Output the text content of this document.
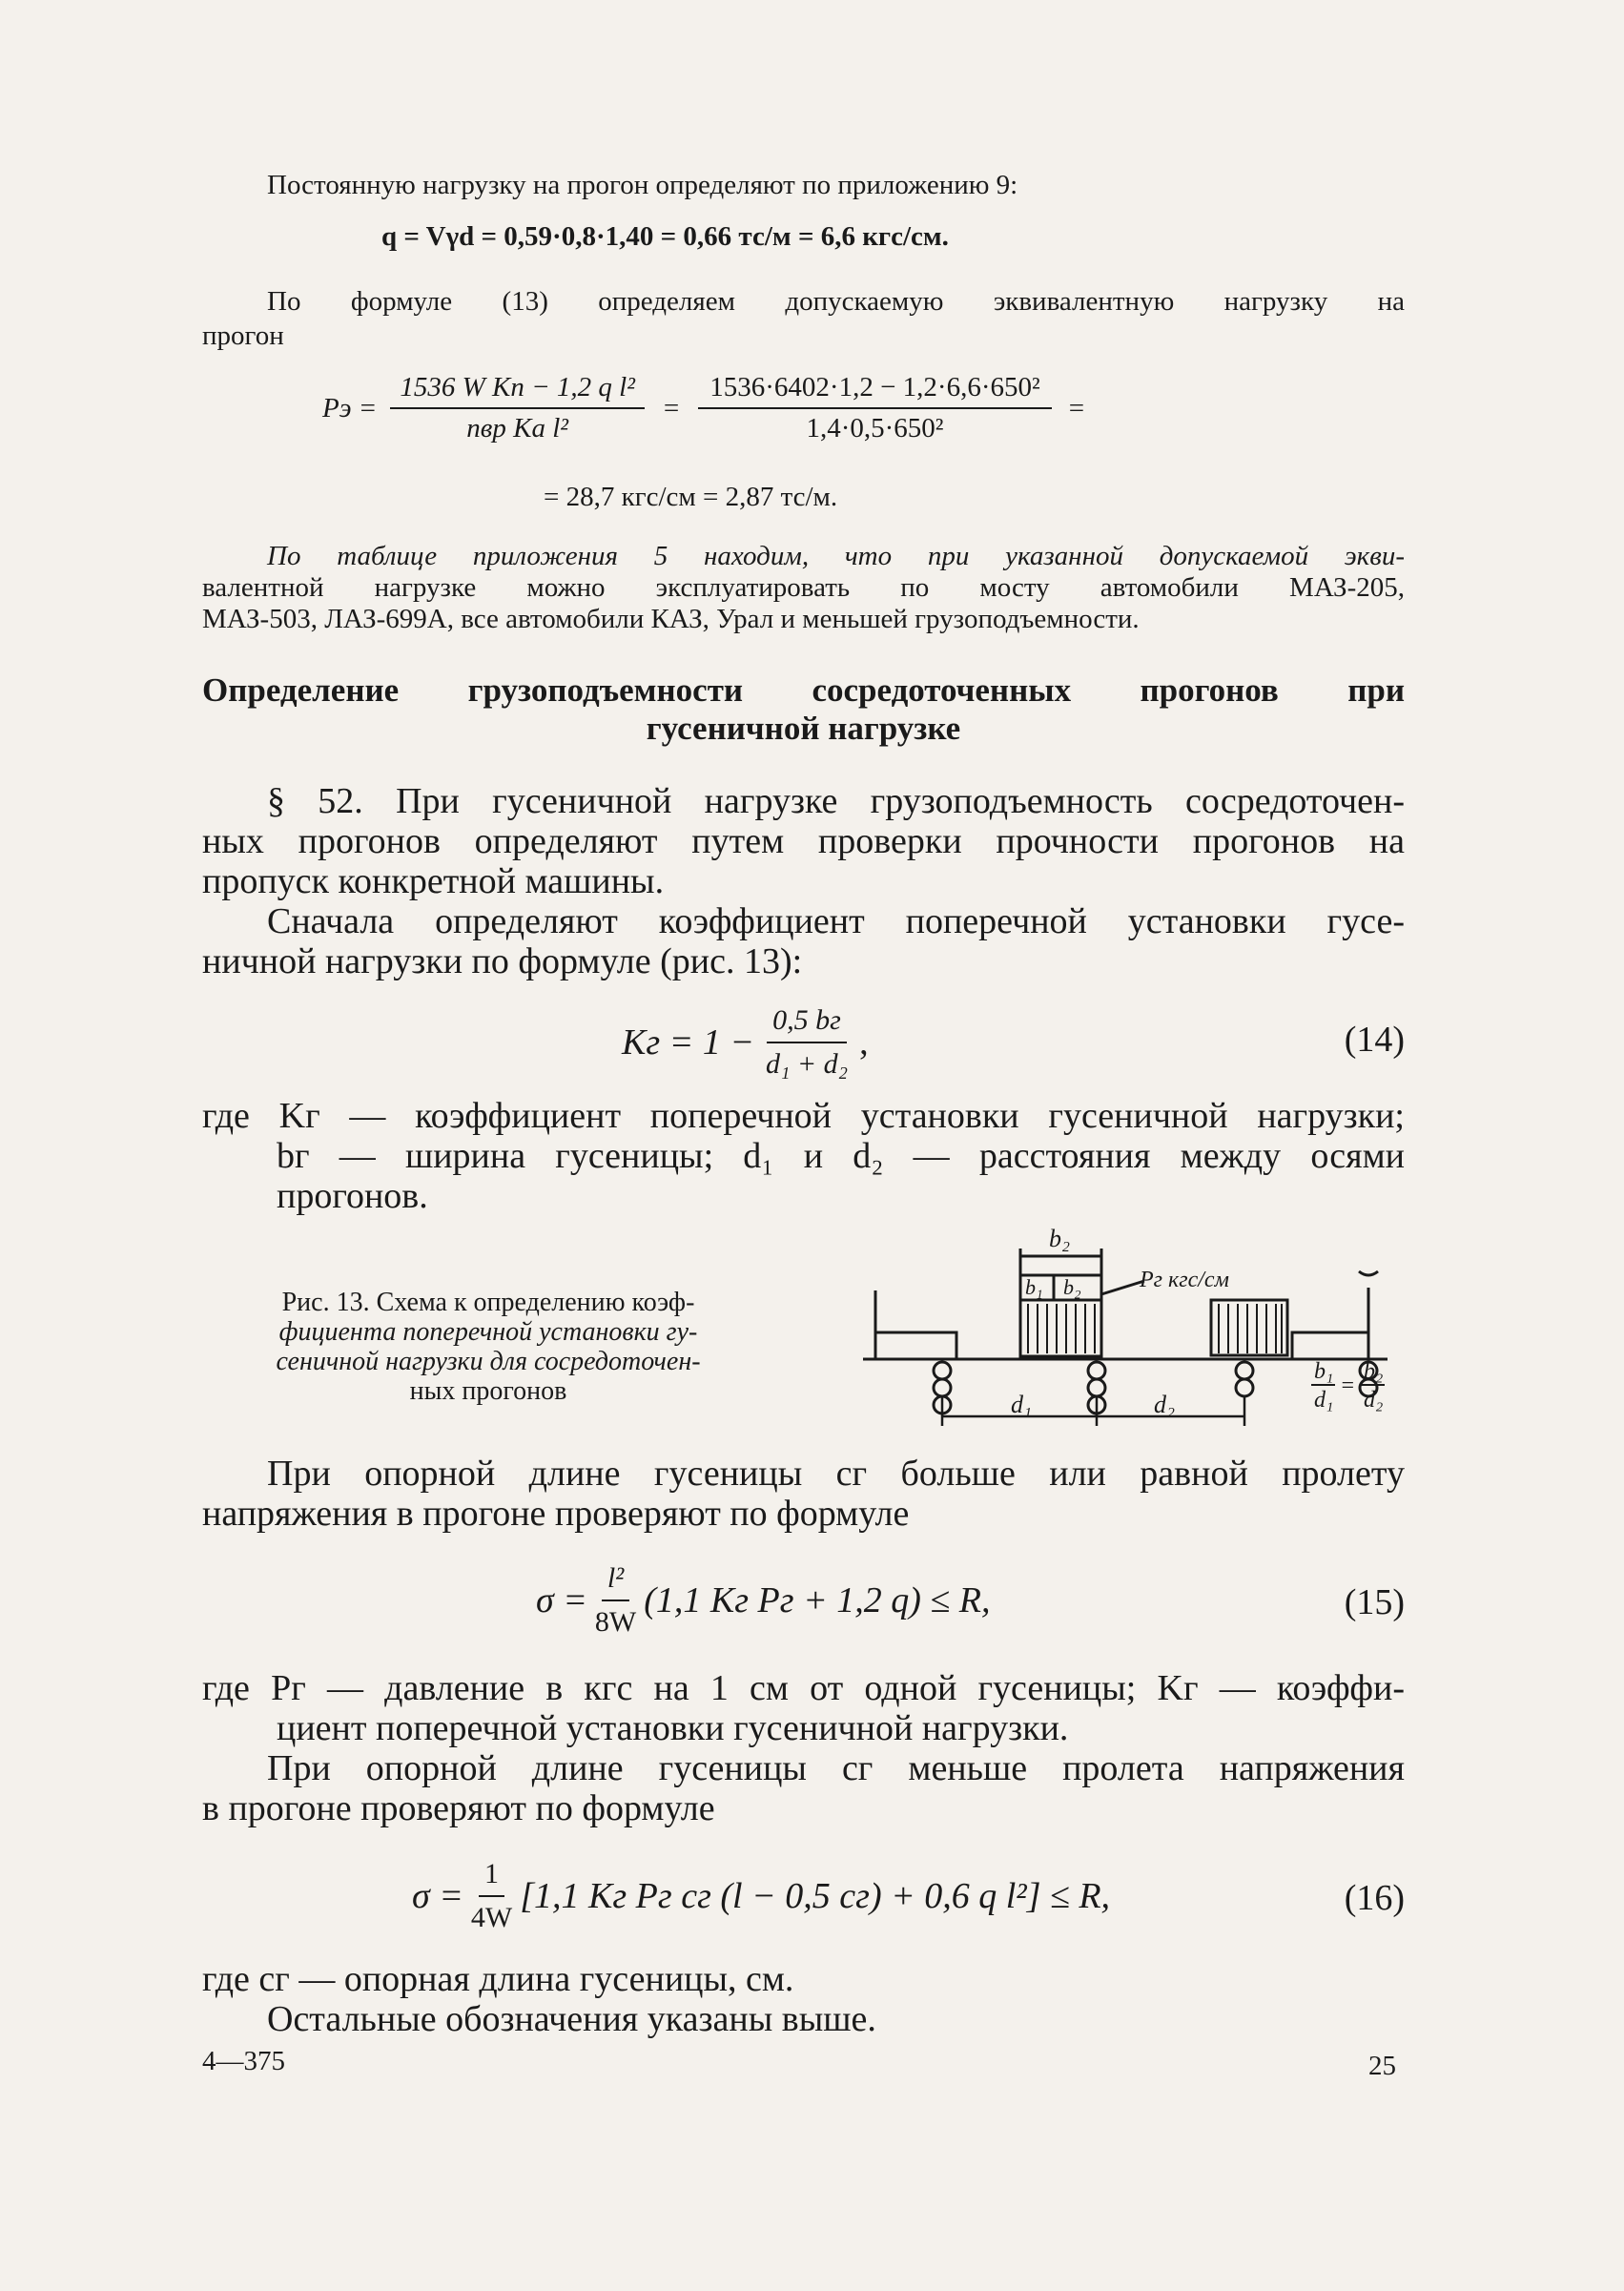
Постоянную нагрузку на прогон определяют по приложению 9:
q = Vγd = 0,59·0,8·1,40 = 0,66 тс/м = 6,6 кгс/см.
По формуле (13) определяем допускаемую эквивалентную нагрузку на
прогон
Pэ = $\frac{\text{1536 W Kп − 1,2 q l²}}{\text{nвр Ka l²}} = \frac{\text{1536·6402·1,2 − 1,2·6,6·650²}}{\text{1,4·0,5·650²}}$ =
= 28,7 кгс/см = 2,87 тс/м.
По таблице приложения 5 находим, что при указанной допускаемой экви-
валентной нагрузке можно эксплуатировать по мосту автомобили МАЗ-205,
МАЗ-503, ЛАЗ-699А, все автомобили КАЗ, Урал и меньшей грузоподъемности.
Определение грузоподъемности сосредоточенных прогонов при
гусеничной нагрузке
§ 52. При гусеничной нагрузке грузоподъемность сосредоточен-
ных прогонов определяют путем проверки прочности прогонов на
пропуск конкретной машины.
Сначала определяют коэффициент поперечной установки гусе-
ничной нагрузки по формуле (рис. 13):
Kг = $1 - \frac{0,5 bг}{\text{d₁ + d₂}}$ ,	(14)
где Kг — коэффициент поперечной установки гусеничной нагрузки;
bг — ширина гусеницы; d₁ и d₂ — расстояния между осями
прогонов.
Рис. 13. Схема к определению коэф-
фициента поперечной установки гу-
сеничной нагрузки для сосредоточен-
ных прогонов
b₂
b₁ b₂	Pг кгс/см
d₁	d₂
b₁
d₁
=
b₂
d₂
При опорной длине гусеницы cг больше или равной пролету
напряжения в прогоне проверяют по формуле
$\sigma = \frac{\text{l²}}{8W} (1,1$ Kг Pг + 1,2 q) ≤ R,	(15)
где Pг — давление в кгс на 1 см от одной гусеницы; Kг — коэффи-
циент поперечной установки гусеничной нагрузки.
При опорной длине гусеницы cг меньше пролета напряжения
в прогоне проверяют по формуле
$\sigma = \frac{1}{4W} [1,1$ Kг Pг cг (l − 0,5 cг) + 0,6 q l²] ≤ R,	(16)
где cг — опорная длина гусеницы, см.
Остальные обозначения указаны выше.
4—375	25
